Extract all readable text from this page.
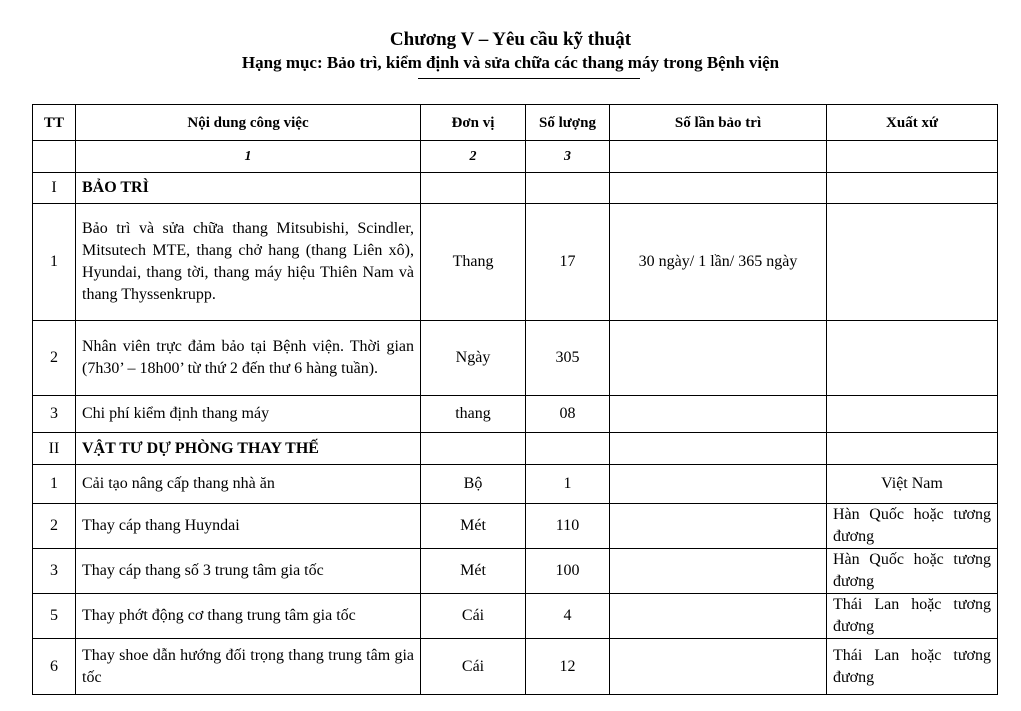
Chương V – Yêu cầu kỹ thuật
Hạng mục: Bảo trì, kiểm định và sửa chữa các thang máy trong Bệnh viện
TT	Nội dung công việc	Đơn vị	Số lượng	Số lần bảo trì	Xuất xứ
	1	2	3		
I	BẢO TRÌ				
1	Bảo trì và sửa chữa thang Mitsubishi, Scindler, Mitsutech MTE, thang chở hang (thang Liên xô), Hyundai, thang tời, thang máy hiệu Thiên Nam và thang Thyssenkrupp.	Thang	17	30 ngày/ 1 lần/ 365 ngày	
2	Nhân viên trực đảm bảo tại Bệnh viện. Thời gian (7h30’ – 18h00’ từ thứ 2 đến thư 6 hàng tuần).	Ngày	305		
3	Chi phí kiểm định thang máy	thang	08		
II	VẬT TƯ DỰ PHÒNG THAY THẾ				
1	Cải tạo nâng cấp thang nhà ăn	Bộ	1		Việt Nam
2	Thay cáp thang Huyndai	Mét	110		Hàn Quốc hoặc tương đương
3	Thay cáp thang số 3 trung tâm gia tốc	Mét	100		Hàn Quốc hoặc tương đương
5	Thay phớt động cơ thang trung tâm gia tốc	Cái	4		Thái Lan hoặc tương đương
6	Thay shoe dẫn hướng đối trọng thang trung tâm gia tốc	Cái	12		Thái Lan hoặc tương đương
